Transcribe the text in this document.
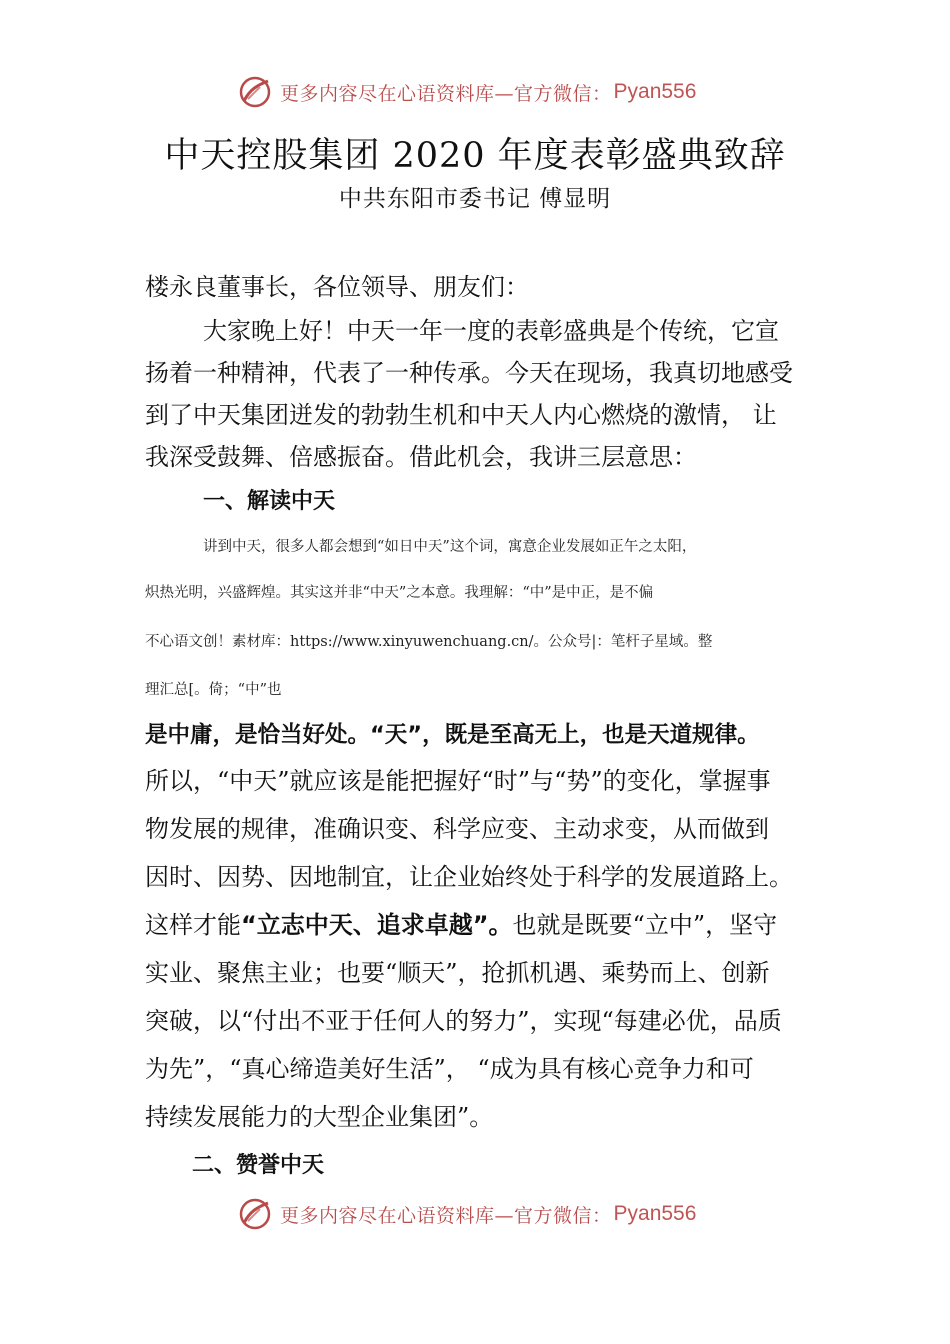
更多内容尽在心语资料库—官方微信： Pyan556
中天控股集团 2020 年度表彰盛典致辞
中共东阳市委书记 傅显明
楼永良董事长，各位领导、朋友们：
大家晚上好！中天一年一度的表彰盛典是个传统，它宣
扬着一种精神，代表了一种传承。今天在现场，我真切地感受
到了中天集团迸发的勃勃生机和中天人内心燃烧的激情， 让
我深受鼓舞、倍感振奋。借此机会，我讲三层意思：
一、解读中天
讲到中天，很多人都会想到“如日中天”这个词，寓意企业发展如正午之太阳，
炽热光明，兴盛辉煌。其实这并非“中天”之本意。我理解：“中”是中正，是不偏
不心语文创！素材库：https://www.xinyuwenchuang.cn/。公众号|：笔杆子星域。整
理汇总[。倚；“中”也
是中庸，是恰当好处。“天”，既是至高无上，也是天道规律。
所以，“中天”就应该是能把握好“时”与“势”的变化，掌握事
物发展的规律，准确识变、科学应变、主动求变，从而做到
因时、因势、因地制宜，让企业始终处于科学的发展道路上。
这样才能“立志中天、追求卓越”。也就是既要“立中”，坚守
实业、聚焦主业；也要“顺天”，抢抓机遇、乘势而上、创新
突破，以“付出不亚于任何人的努力”，实现“每建必优，品质
为先”，“真心缔造美好生活”， “成为具有核心竞争力和可
持续发展能力的大型企业集团”。
二、赞誉中天
更多内容尽在心语资料库—官方微信： Pyan556
